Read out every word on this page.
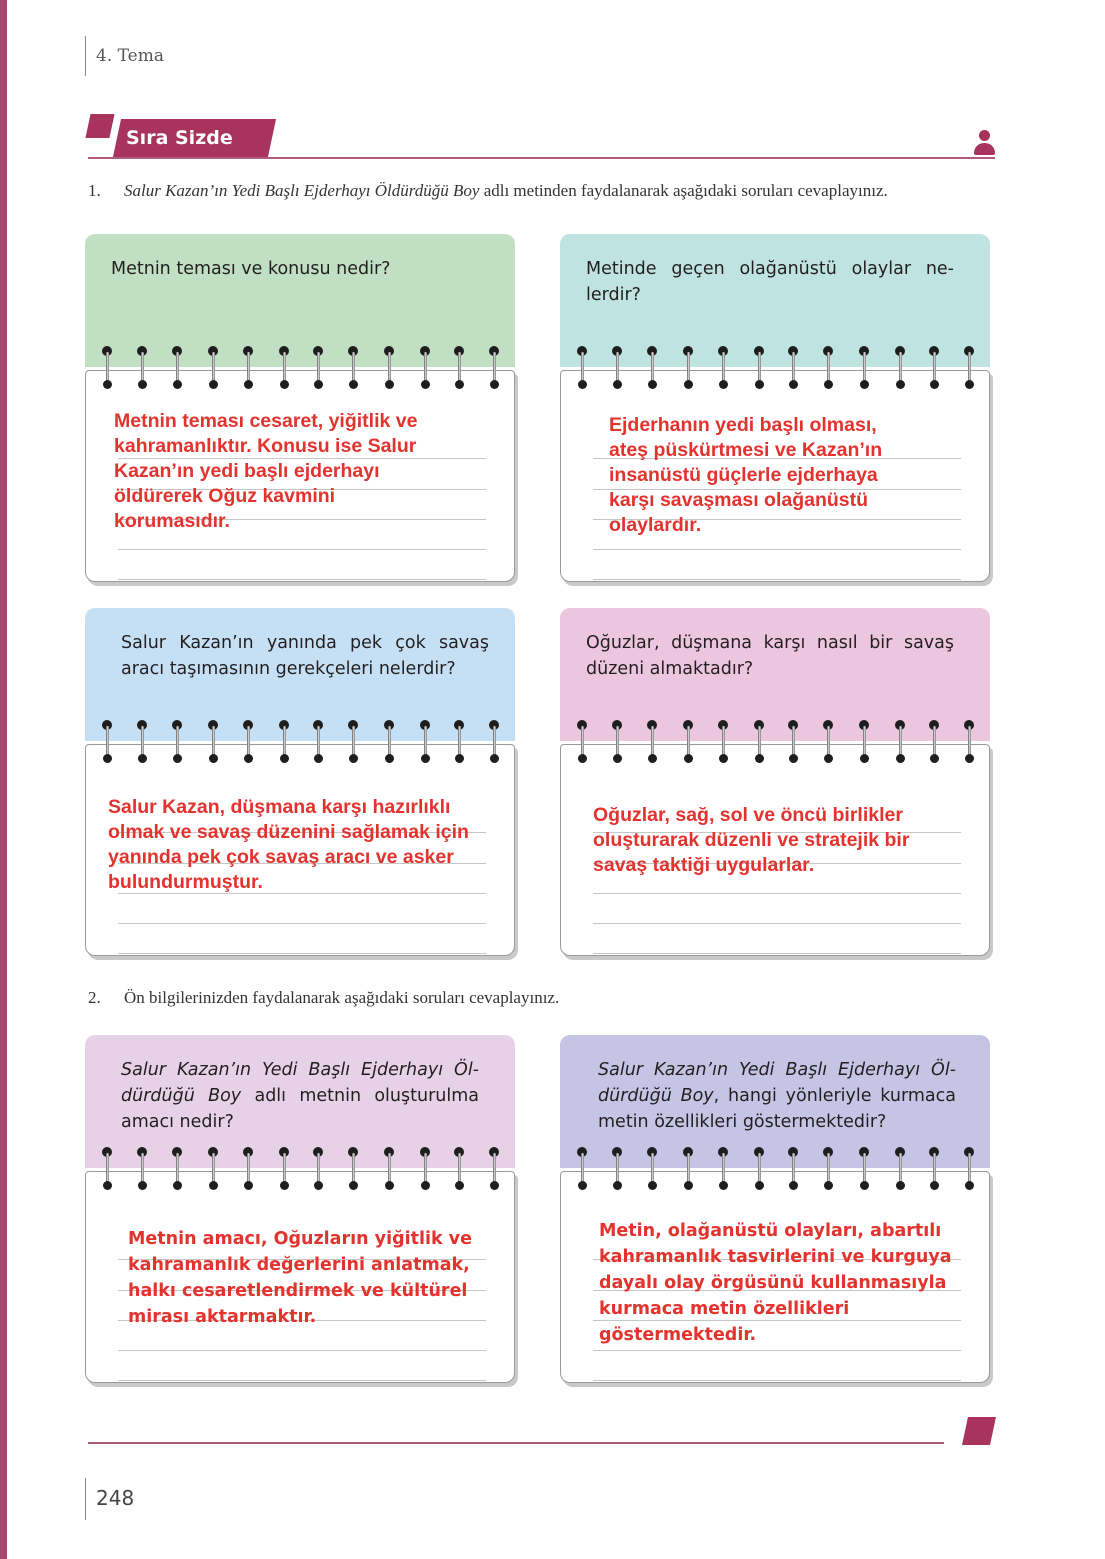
4. Tema
Sıra Sizde
1. Salur Kazan’ın Yedi Başlı Ejderhayı Öldürdüğü Boy adlı metinden faydalanarak aşağıdaki soruları cevaplayınız.
Metnin teması ve konusu nedir?
Metnin teması cesaret, yiğitlik ve
kahramanlıktır. Konusu ise Salur
Kazan’ın yedi başlı ejderhayı
öldürerek Oğuz kavmini
korumasıdır.
Metinde geçen olağanüstü olaylar ne-lerdir?
Ejderhanın yedi başlı olması,
ateş püskürtmesi ve Kazan’ın
insanüstü güçlerle ejderhaya
karşı savaşması olağanüstü
olaylardır.
Salur Kazan’ın yanında pek çok savaş aracı taşımasının gerekçeleri nelerdir?
Salur Kazan, düşmana karşı hazırlıklı
olmak ve savaş düzenini sağlamak için
yanında pek çok savaş aracı ve asker
bulundurmuştur.
Oğuzlar, düşmana karşı nasıl bir savaş düzeni almaktadır?
Oğuzlar, sağ, sol ve öncü birlikler
oluşturarak düzenli ve stratejik bir
savaş taktiği uygularlar.
2. Ön bilgilerinizden faydalanarak aşağıdaki soruları cevaplayınız.
Salur Kazan’ın Yedi Başlı Ejderhayı Öl-dürdüğü Boy adlı metnin oluşturulma amacı nedir?
Metnin amacı, Oğuzların yiğitlik ve
kahramanlık değerlerini anlatmak,
halkı cesaretlendirmek ve kültürel
mirası aktarmaktır.
Salur Kazan’ın Yedi Başlı Ejderhayı Öl-dürdüğü Boy, hangi yönleriyle kurmaca metin özellikleri göstermektedir?
Metin, olağanüstü olayları, abartılı
kahramanlık tasvirlerini ve kurguya
dayalı olay örgüsünü kullanmasıyla
kurmaca metin özellikleri
göstermektedir.
248
